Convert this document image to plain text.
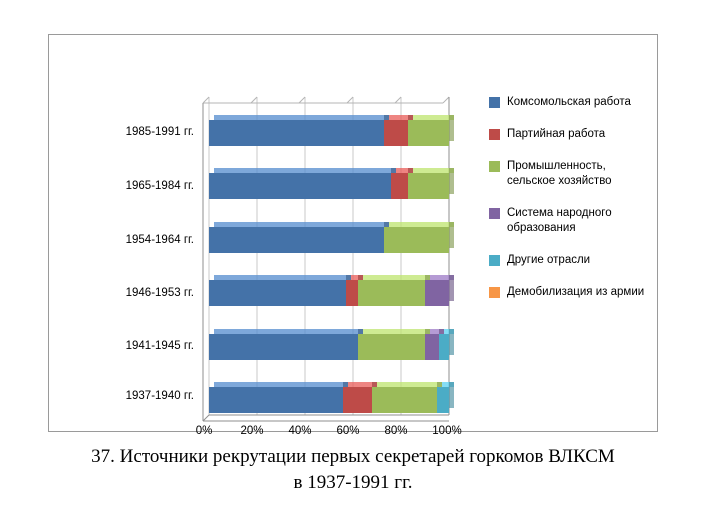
1985-1991 гг.
1965-1984 гг.
1954-1964 гг.
1946-1953 гг.
1941-1945 гг.
1937-1940 гг.
0%	20%	40%	60%	80%	100%
Комсомольская работа
Партийная работа
Промышленность, сельское хозяйство
Система народного образования
Другие отрасли
Демобилизация из армии
37. Источники рекрутации первых секретарей горкомов ВЛКСМ
в 1937-1991 гг.
